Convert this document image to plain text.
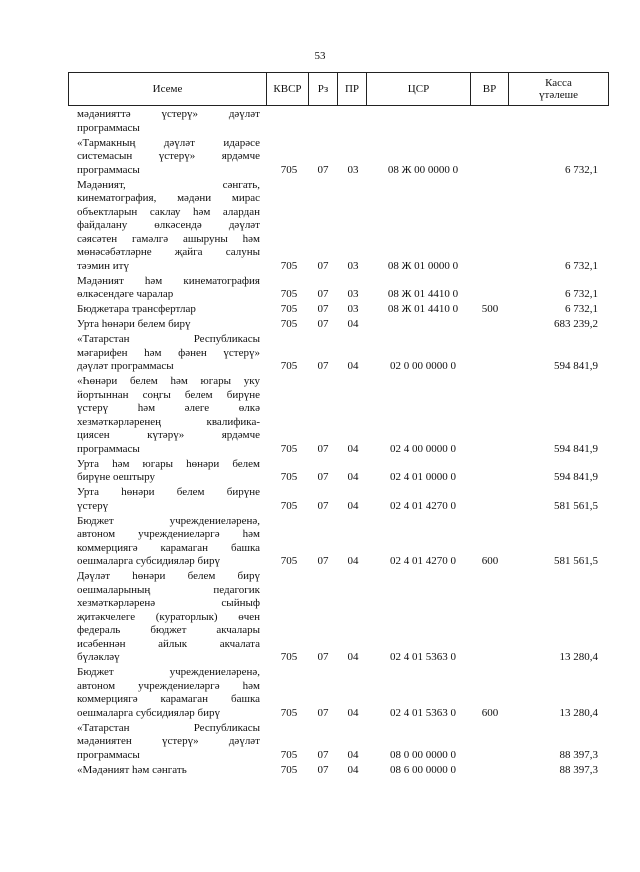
53
Исеме	КВСР	Рз	ПР	ЦСР	ВР	Касса үтәлеше
мәдәнияттә үстерү» дәүләт
программасы
«Тармакның дәүләт идарәсе
системасын үстерү» ярдәмче
программасы	705	07	03	08 Ж 00 0000 0	6 732,1
Мәдәният, сәнгать,
кинематография, мәдәни мирас
объектларын саклау һәм алардан
файдалану өлкәсендә дәүләт
сәясәтен гамәлгә ашыруны һәм
мөнәсәбәтләрне җайга салуны
тәэмин итү	705	07	03	08 Ж 01 0000 0	6 732,1
Мәдәният һәм кинематография
өлкәсендәге чаралар	705	07	03	08 Ж 01 4410 0	6 732,1
Бюджетара трансфертлар	705	07	03	08 Ж 01 4410 0	500	6 732,1
Урта һөнәри белем бирү	705	07	04	683 239,2
«Татарстан Республикасы
мәгарифен һәм фәнен үстерү»
дәүләт программасы	705	07	04	02 0 00 0000 0	594 841,9
«Һөнәри белем һәм югары уку
йортыннан соңгы белем бирүне
үстерү һәм әлеге өлкә
хезмәткәрләренең квалифика-
циясен күтәрү» ярдәмче
программасы	705	07	04	02 4 00 0000 0	594 841,9
Урта һәм югары һөнәри белем
бирүне оештыру	705	07	04	02 4 01 0000 0	594 841,9
Урта һөнәри белем бирүне
үстерү	705	07	04	02 4 01 4270 0	581 561,5
Бюджет учреждениеләренә,
автоном учреждениеләргә һәм
коммерциягә карамаган башка
оешмаларга субсидияләр бирү	705	07	04	02 4 01 4270 0	600	581 561,5
Дәүләт һөнәри белем бирү
оешмаларының педагогик
хезмәткәрләренә сыйныф
җитәкчелеге (кураторлык) өчен
федераль бюджет акчалары
исәбеннән айлык акчалата
бүләкләү	705	07	04	02 4 01 5363 0	13 280,4
Бюджет учреждениеләренә,
автоном учреждениеләргә һәм
коммерциягә карамаган башка
оешмаларга субсидияләр бирү	705	07	04	02 4 01 5363 0	600	13 280,4
«Татарстан Республикасы
мәдәниятен үстерү» дәүләт
программасы	705	07	04	08 0 00 0000 0	88 397,3
«Мәдәният һәм сәнгать	705	07	04	08 6 00 0000 0	88 397,3
